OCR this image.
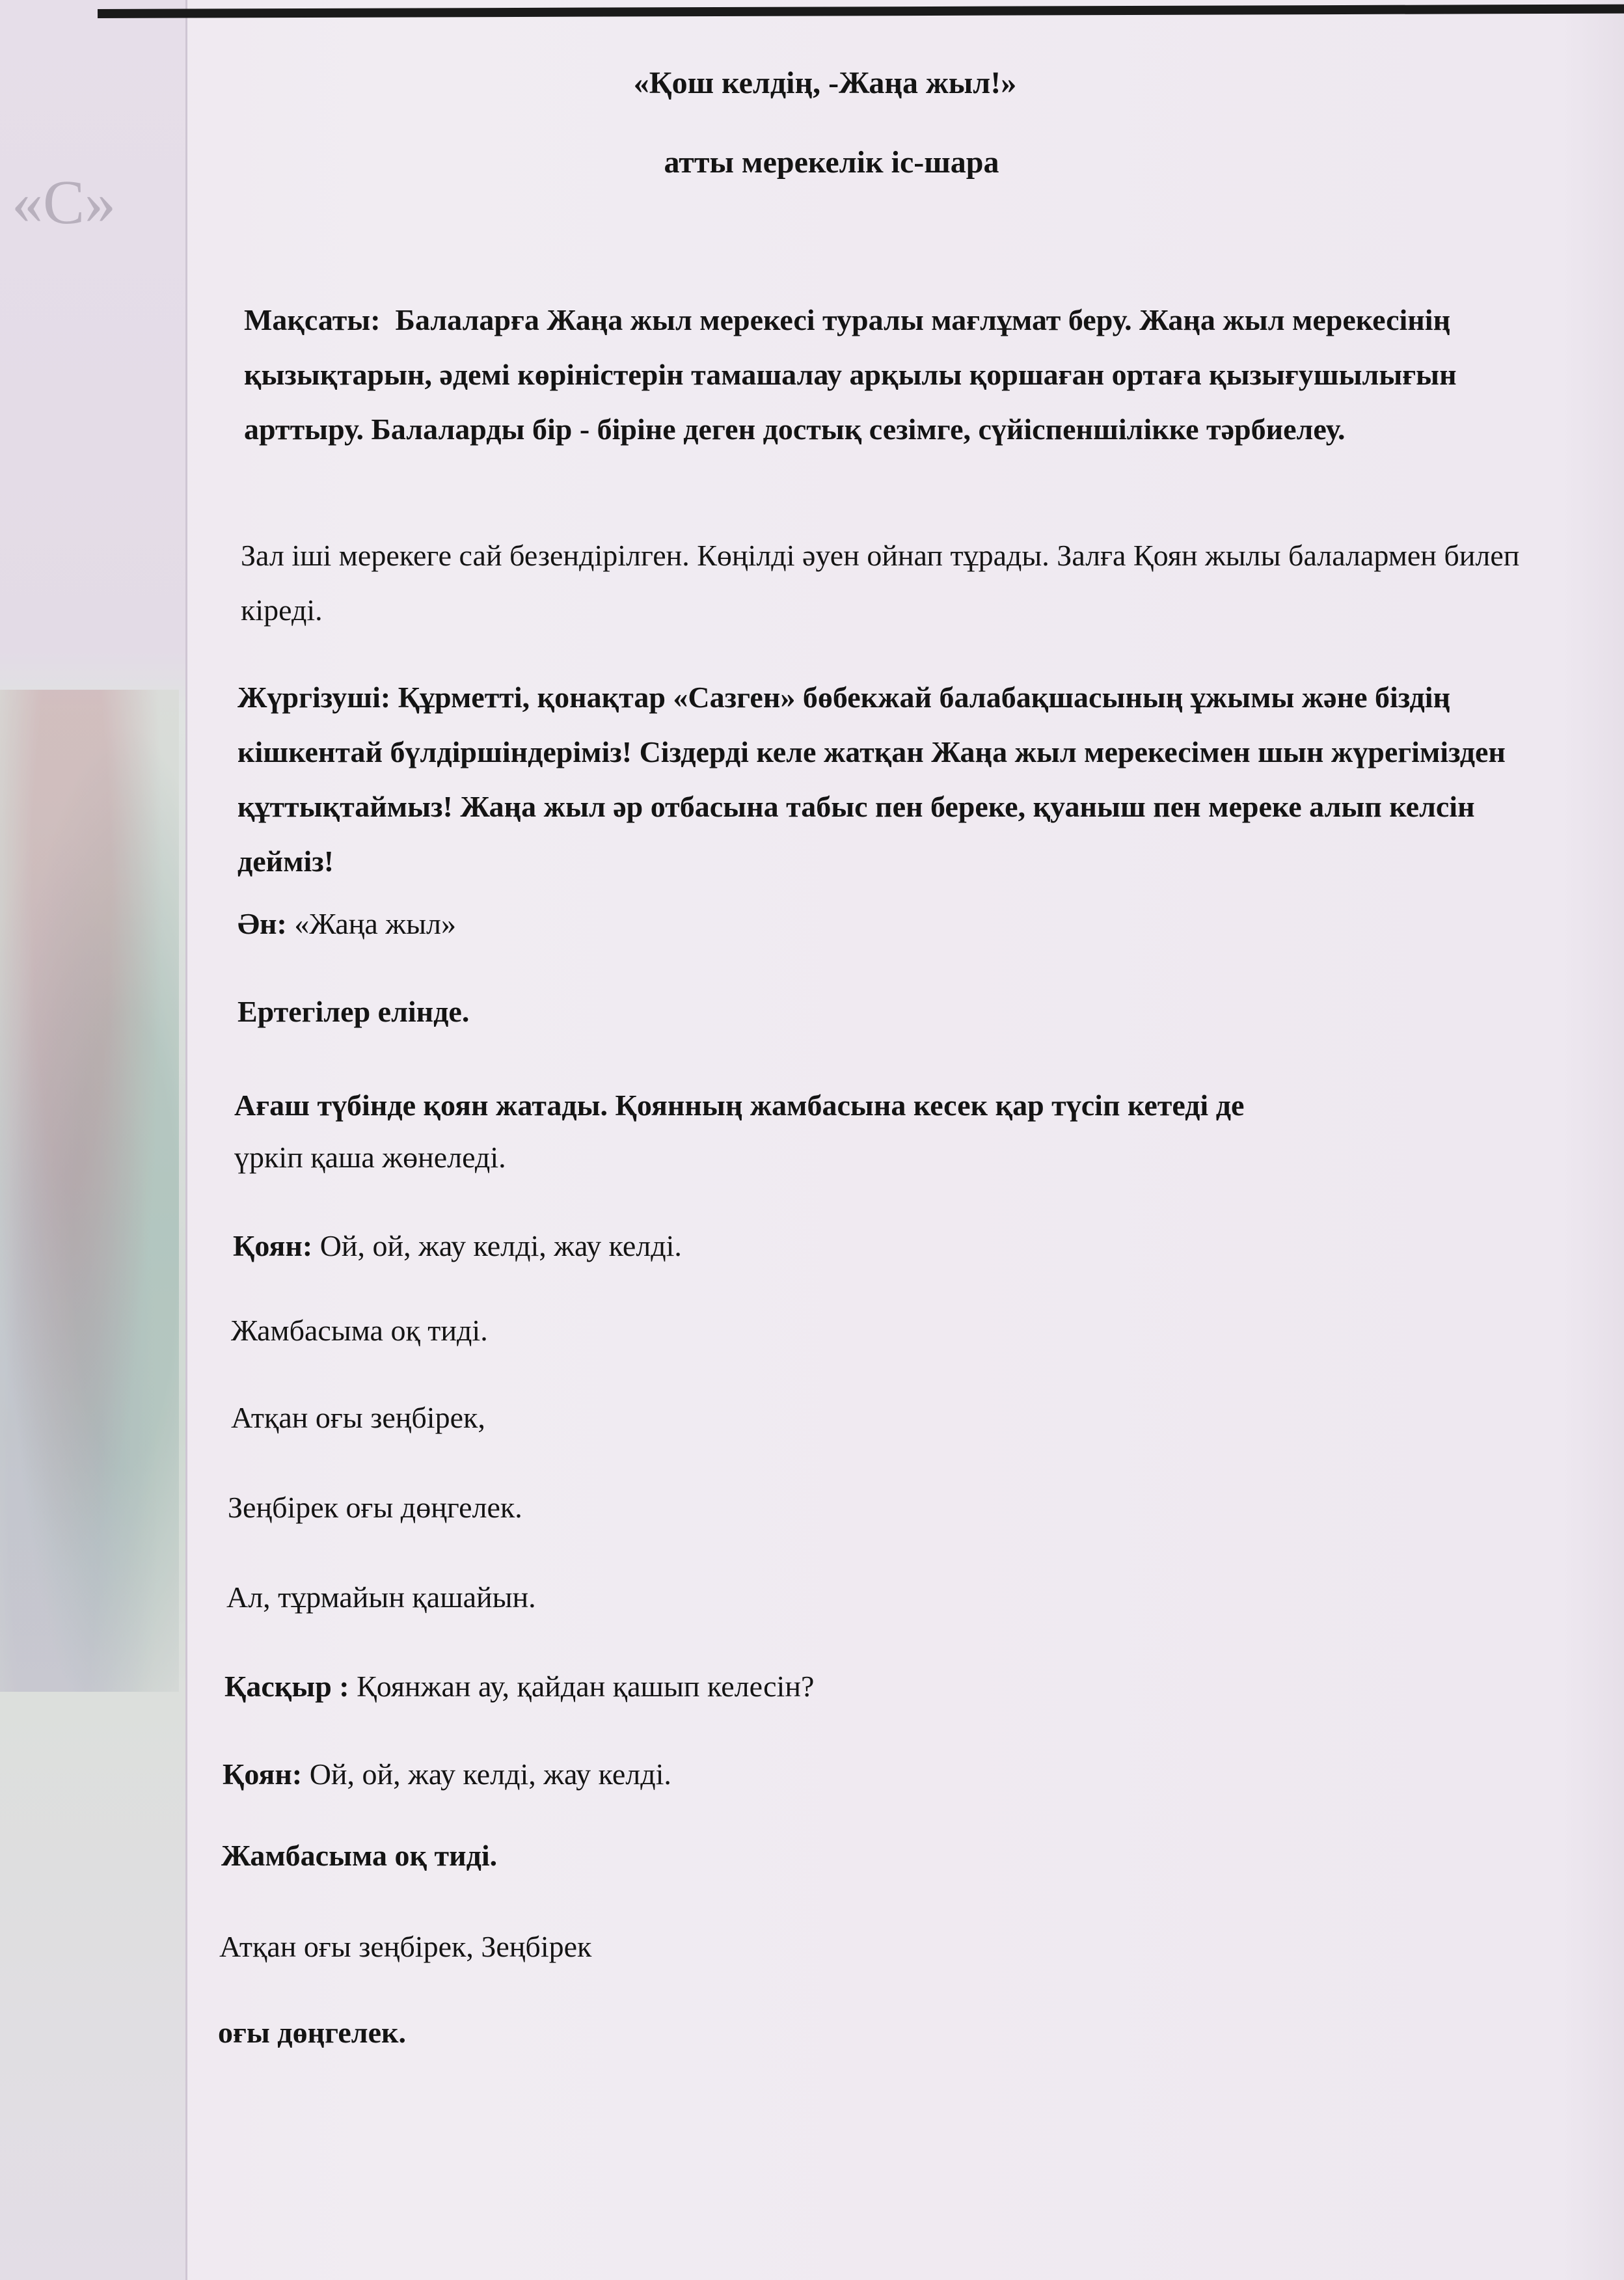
«С»
«Қош келдің, -Жаңа жыл!»
атты мерекелік іс-шара

Мақсаты: Балаларға Жаңа жыл мерекесі туралы мағлұмат беру. Жаңа жыл мерекесінің қызықтарын, әдемі көріністерін тамашалау арқылы қоршаған ортаға қызығушылығын арттыру. Балаларды бір - біріне деген достық сезімге, сүйіспеншілікке тәрбиелеу.

Зал іші мерекеге сай безендірілген. Көңілді әуен ойнап тұрады. Залға Қоян жылы балалармен билеп кіреді.

Жүргізуші: Құрметті, қонақтар «Сазген» бөбекжай балабақшасының ұжымы және біздің кішкентай бүлдіршіндеріміз! Сіздерді келе жатқан Жаңа жыл мерекесімен шын жүрегімізден құттықтаймыз! Жаңа жыл әр отбасына табыс пен береке, қуаныш пен мереке алып келсін дейміз!

Ән: «Жаңа жыл»

Ертегілер елінде.

Ағаш түбінде қоян жатады. Қоянның жамбасына кесек қар түсіп кетеді де

үркіп қаша жөнеледі.

Қоян: Ой, ой, жау келді, жау келді.

Жамбасыма оқ тиді.

Атқан оғы зеңбірек,

Зеңбірек оғы дөңгелек.

Ал, тұрмайын қашайын.

Қасқыр : Қоянжан ау, қайдан қашып келесін?

Қоян: Ой, ой, жау келді, жау келді.

Жамбасыма оқ тиді.

Атқан оғы зеңбірек, Зеңбірек

оғы дөңгелек.
